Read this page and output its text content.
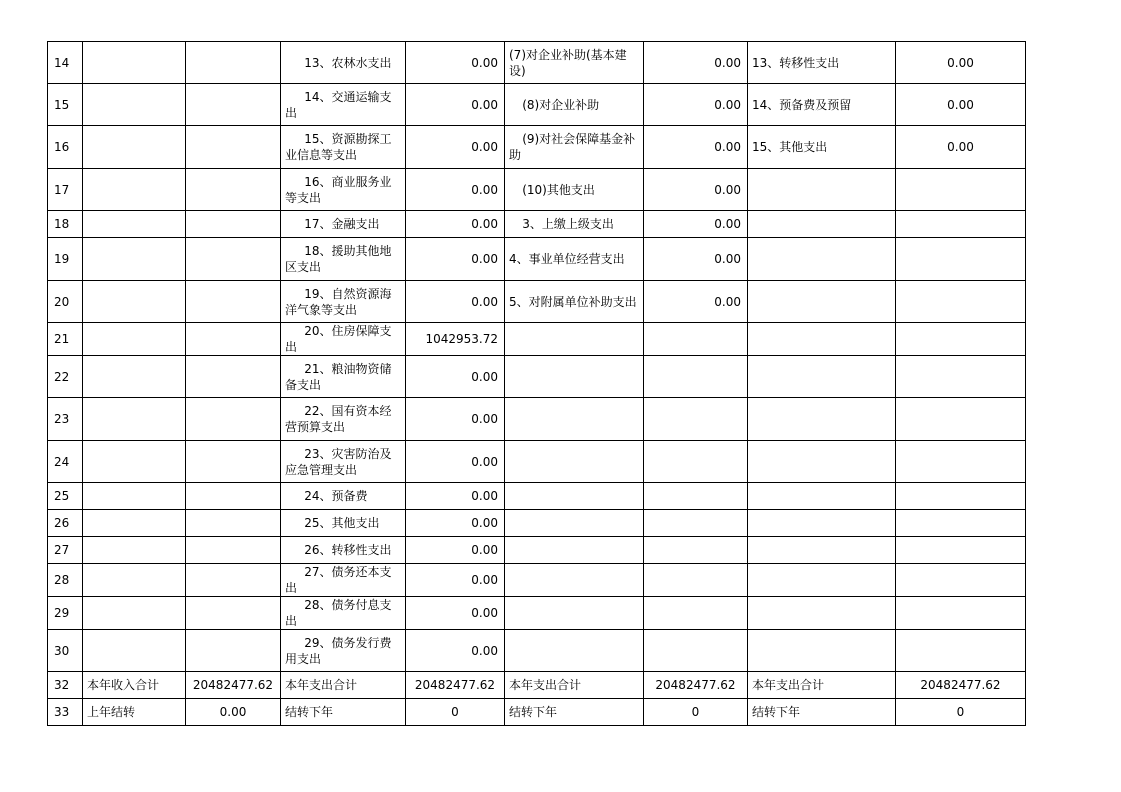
14			13、农林水支出	0.00	(7)对企业补助(基本建设)	0.00	13、转移性支出	0.00
15			14、交通运输支出	0.00	(8)对企业补助	0.00	14、预备费及预留	0.00
16			15、资源勘探工业信息等支出	0.00	(9)对社会保障基金补助	0.00	15、其他支出	0.00
17			16、商业服务业等支出	0.00	(10)其他支出	0.00		
18			17、金融支出	0.00	3、上缴上级支出	0.00		
19			18、援助其他地区支出	0.00	4、事业单位经营支出	0.00		
20			19、自然资源海洋气象等支出	0.00	5、对附属单位补助支出	0.00		
21			20、住房保障支出	1042953.72				
22			21、粮油物资储备支出	0.00				
23			22、国有资本经营预算支出	0.00				
24			23、灾害防治及应急管理支出	0.00				
25			24、预备费	0.00				
26			25、其他支出	0.00				
27			26、转移性支出	0.00				
28			27、债务还本支出	0.00				
29			28、债务付息支出	0.00				
30			29、债务发行费用支出	0.00				
32	本年收入合计	20482477.62	本年支出合计	20482477.62	本年支出合计	20482477.62	本年支出合计	20482477.62
33	上年结转	0.00	结转下年	0	结转下年	0	结转下年	0
